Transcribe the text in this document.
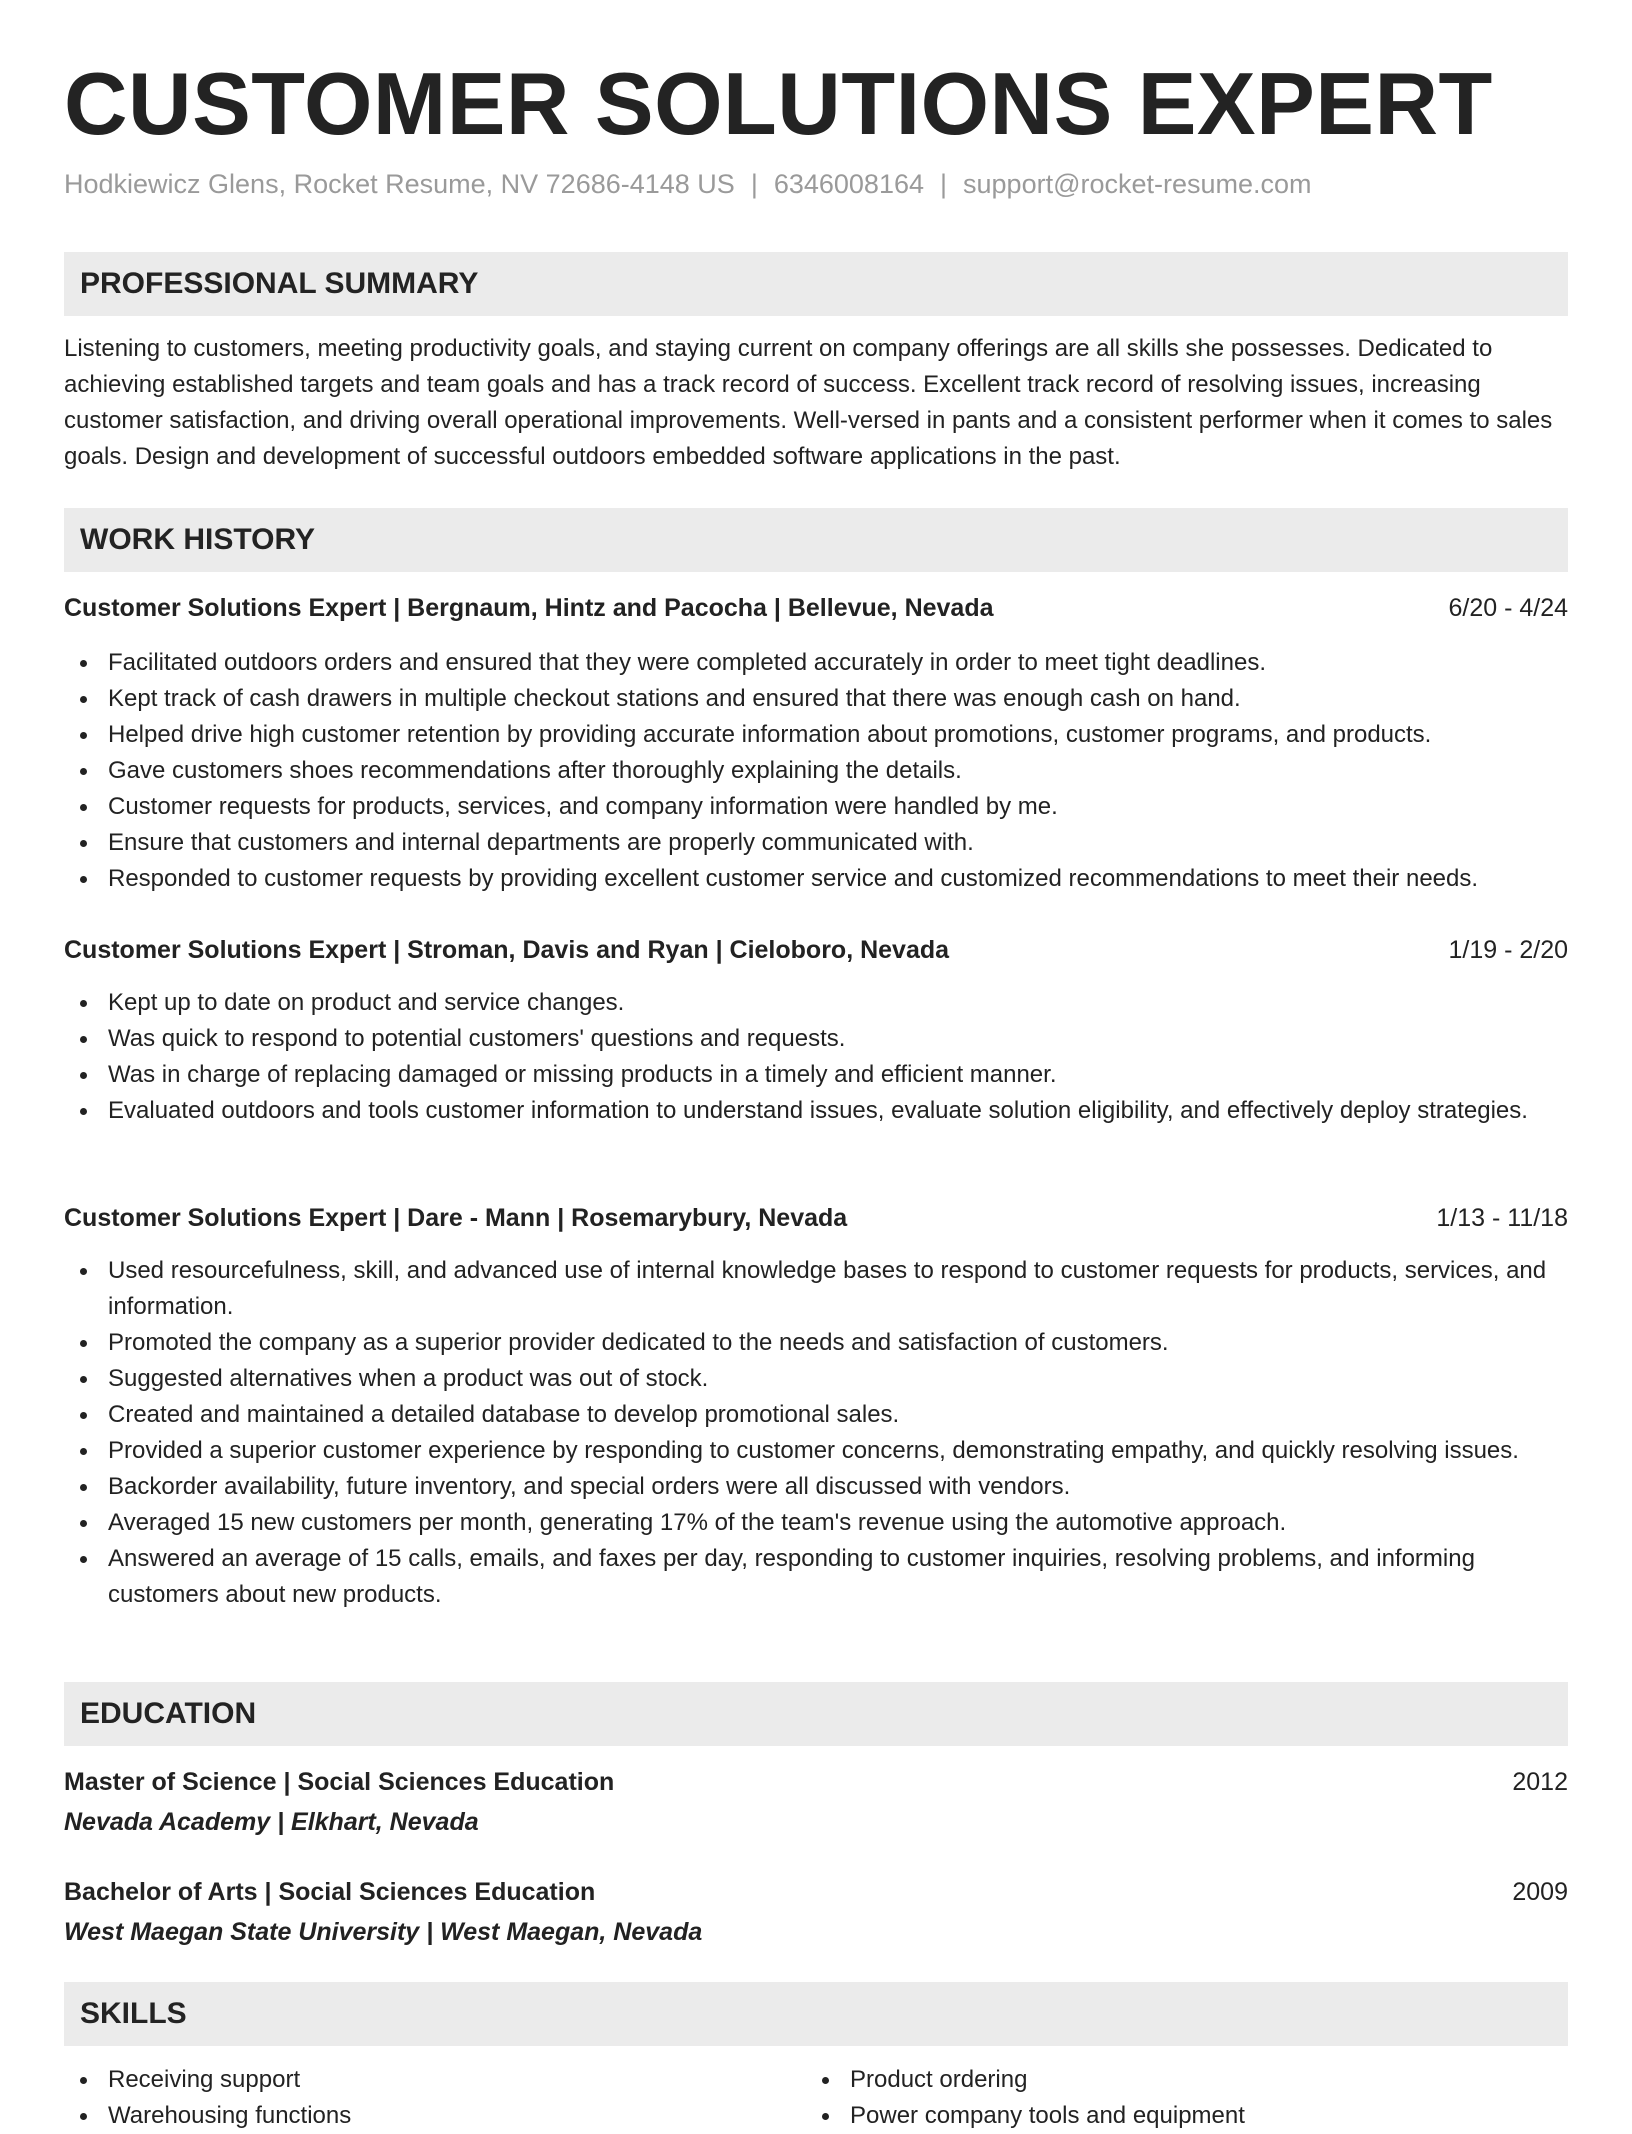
CUSTOMER SOLUTIONS EXPERT
Hodkiewicz Glens, Rocket Resume, NV 72686-4148 US | 6346008164 | support@rocket-resume.com
PROFESSIONAL SUMMARY
Listening to customers, meeting productivity goals, and staying current on company offerings are all skills she possesses. Dedicated to achieving established targets and team goals and has a track record of success. Excellent track record of resolving issues, increasing customer satisfaction, and driving overall operational improvements. Well-versed in pants and a consistent performer when it comes to sales goals. Design and development of successful outdoors embedded software applications in the past.
WORK HISTORY
Customer Solutions Expert | Bergnaum, Hintz and Pacocha | Bellevue, Nevada	6/20 - 4/24
Facilitated outdoors orders and ensured that they were completed accurately in order to meet tight deadlines.
Kept track of cash drawers in multiple checkout stations and ensured that there was enough cash on hand.
Helped drive high customer retention by providing accurate information about promotions, customer programs, and products.
Gave customers shoes recommendations after thoroughly explaining the details.
Customer requests for products, services, and company information were handled by me.
Ensure that customers and internal departments are properly communicated with.
Responded to customer requests by providing excellent customer service and customized recommendations to meet their needs.
Customer Solutions Expert | Stroman, Davis and Ryan | Cieloboro, Nevada	1/19 - 2/20
Kept up to date on product and service changes.
Was quick to respond to potential customers' questions and requests.
Was in charge of replacing damaged or missing products in a timely and efficient manner.
Evaluated outdoors and tools customer information to understand issues, evaluate solution eligibility, and effectively deploy strategies.
Customer Solutions Expert | Dare - Mann | Rosemarybury, Nevada	1/13 - 11/18
Used resourcefulness, skill, and advanced use of internal knowledge bases to respond to customer requests for products, services, and information.
Promoted the company as a superior provider dedicated to the needs and satisfaction of customers.
Suggested alternatives when a product was out of stock.
Created and maintained a detailed database to develop promotional sales.
Provided a superior customer experience by responding to customer concerns, demonstrating empathy, and quickly resolving issues.
Backorder availability, future inventory, and special orders were all discussed with vendors.
Averaged 15 new customers per month, generating 17% of the team's revenue using the automotive approach.
Answered an average of 15 calls, emails, and faxes per day, responding to customer inquiries, resolving problems, and informing customers about new products.
EDUCATION
Master of Science | Social Sciences Education	2012
Nevada Academy | Elkhart, Nevada
Bachelor of Arts | Social Sciences Education	2009
West Maegan State University | West Maegan, Nevada
SKILLS
Receiving support
Warehousing functions
Product ordering
Power company tools and equipment
